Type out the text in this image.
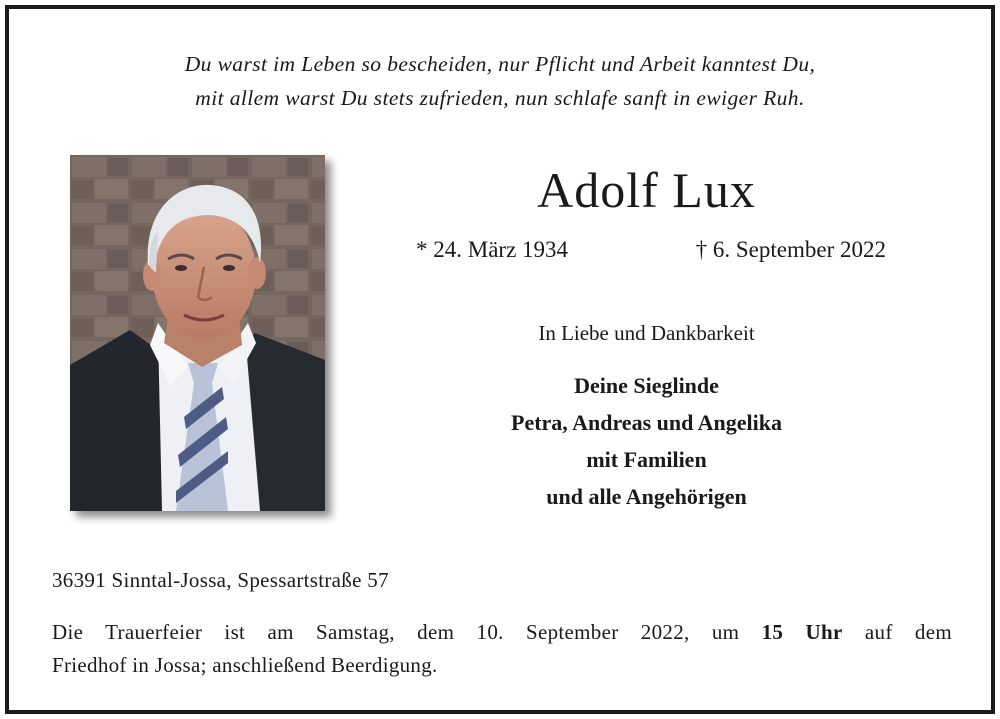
Du warst im Leben so bescheiden, nur Pflicht und Arbeit kanntest Du,
mit allem warst Du stets zufrieden, nun schlafe sanft in ewiger Ruh.
Adolf Lux
* 24. März 1934	† 6. September 2022
In Liebe und Dankbarkeit
Deine Sieglinde
Petra, Andreas und Angelika
mit Familien
und alle Angehörigen
36391 Sinntal-Jossa, Spessartstraße 57
Die Trauerfeier ist am Samstag, dem 10. September 2022, um 15 Uhr auf dem
Friedhof in Jossa; anschließend Beerdigung.
